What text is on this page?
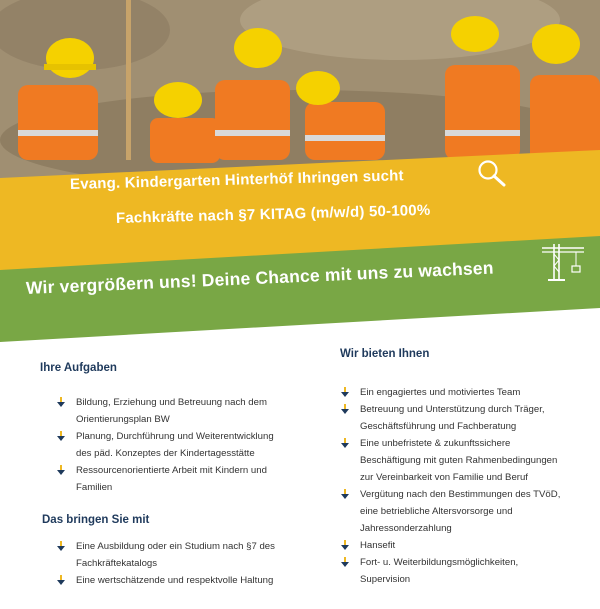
Evang. Kindergarten Hinterhöf Ihringen sucht
Fachkräfte nach §7 KITAG (m/w/d) 50-100%
Wir vergrößern uns! Deine Chance mit uns zu wachsen
Ihre Aufgaben
Bildung, Erziehung und Betreuung nach dem
Orientierungsplan BW
Planung, Durchführung und Weiterentwicklung
des päd. Konzeptes der Kindertagesstätte
Ressourcenorientierte Arbeit mit Kindern und
Familien
Das bringen Sie mit
Eine Ausbildung oder ein Studium nach §7 des
Fachkräftekatalogs
Eine wertschätzende und respektvolle Haltung
Wir bieten Ihnen
Ein engagiertes und motiviertes Team
Betreuung und Unterstützung durch Träger,
Geschäftsführung und Fachberatung
Eine unbefristete & zukunftssichere
Beschäftigung mit guten Rahmenbedingungen
zur Vereinbarkeit von Familie und Beruf
Vergütung nach den Bestimmungen des TVöD,
eine betriebliche Altersvorsorge und
Jahressonderzahlung
Hansefit
Fort- u. Weiterbildungsmöglichkeiten,
Supervision
